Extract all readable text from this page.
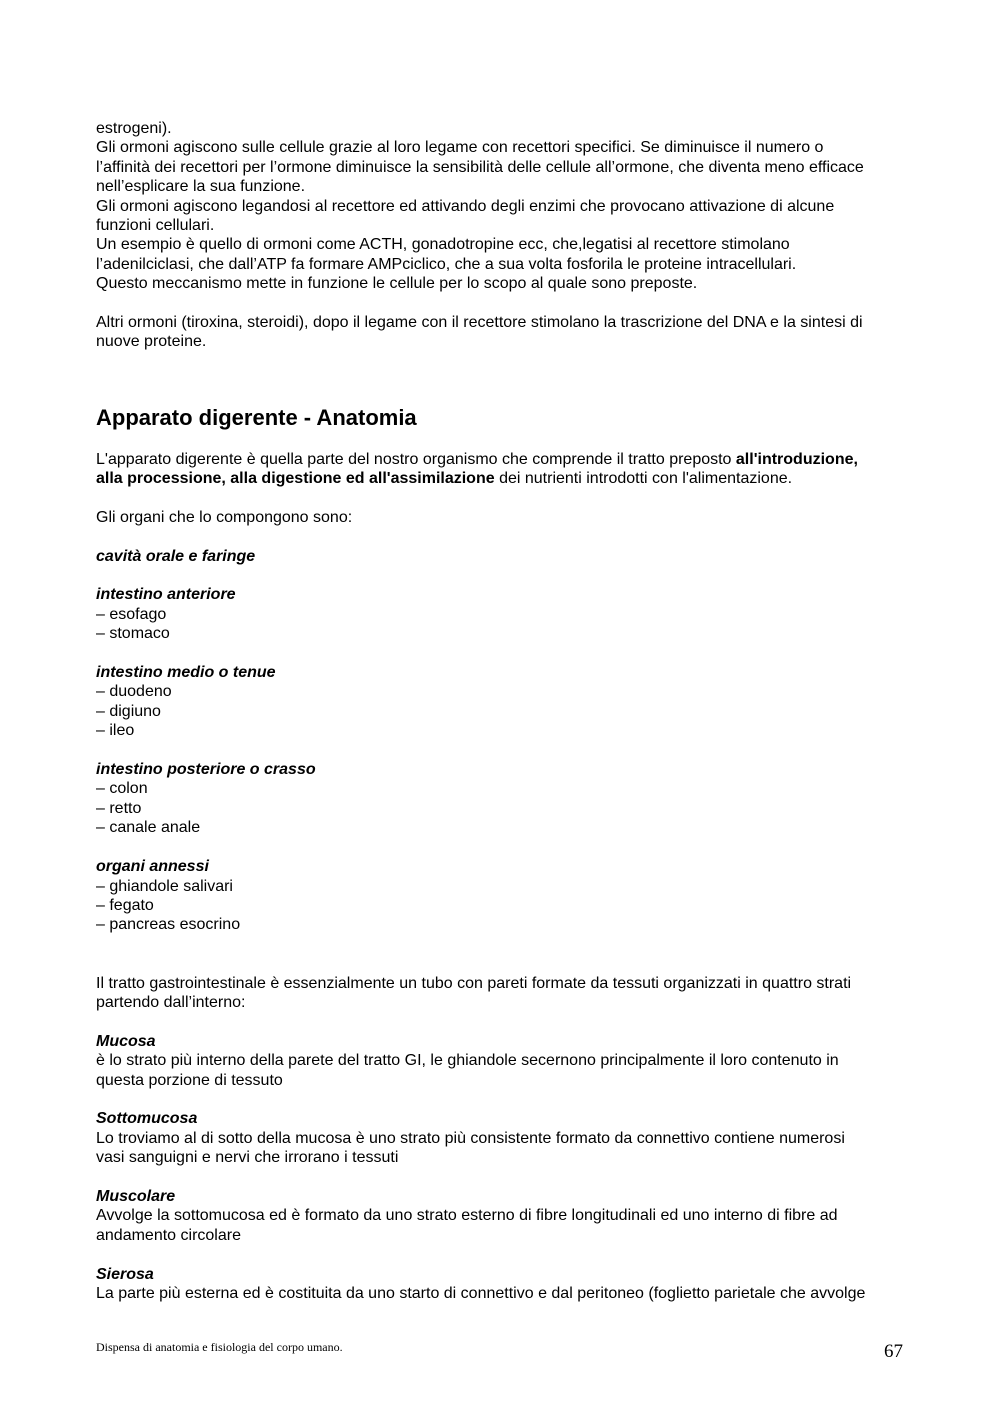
estrogeni).
Gli ormoni agiscono sulle cellule grazie al loro legame con recettori specifici. Se diminuisce il numero o
l’affinità dei recettori per l’ormone diminuisce la sensibilità delle cellule all’ormone, che diventa meno efficace
nell’esplicare la sua funzione.
Gli ormoni agiscono legandosi al recettore ed attivando degli enzimi che provocano attivazione di alcune
funzioni cellulari.
Un esempio è quello di ormoni come ACTH, gonadotropine ecc, che,legatisi al recettore stimolano
l’adenilciclasi, che dall’ATP fa formare AMPciclico, che a sua volta fosforila le proteine intracellulari.
Questo meccanismo mette in funzione le cellule per lo scopo al quale sono preposte.
Altri ormoni (tiroxina, steroidi), dopo il legame con il recettore stimolano la trascrizione del DNA e la sintesi di
nuove proteine.
Apparato digerente - Anatomia
L'apparato digerente è quella parte del nostro organismo che comprende il tratto preposto all'introduzione,
alla processione, alla digestione ed all'assimilazione dei nutrienti introdotti con l'alimentazione.
Gli organi che lo compongono sono:
cavità orale e faringe
intestino anteriore
– esofago
– stomaco
intestino medio o tenue
– duodeno
– digiuno
– ileo
intestino posteriore o crasso
– colon
– retto
– canale anale
organi annessi
– ghiandole salivari
– fegato
– pancreas esocrino
Il tratto gastrointestinale è essenzialmente un tubo con pareti formate da tessuti organizzati in quattro strati
partendo dall’interno:
Mucosa
è lo strato più interno della parete del tratto GI, le ghiandole secernono principalmente il loro contenuto in
questa porzione di tessuto
Sottomucosa
Lo troviamo al di sotto della mucosa è uno strato più consistente formato da connettivo contiene numerosi
vasi sanguigni e nervi che irrorano i tessuti
Muscolare
Avvolge la sottomucosa ed è formato da uno strato esterno di fibre longitudinali ed uno interno di fibre ad
andamento circolare
Sierosa
La parte più esterna ed è costituita da uno starto di connettivo e dal peritoneo (foglietto parietale che avvolge
Dispensa di anatomia e fisiologia del corpo umano.	67
